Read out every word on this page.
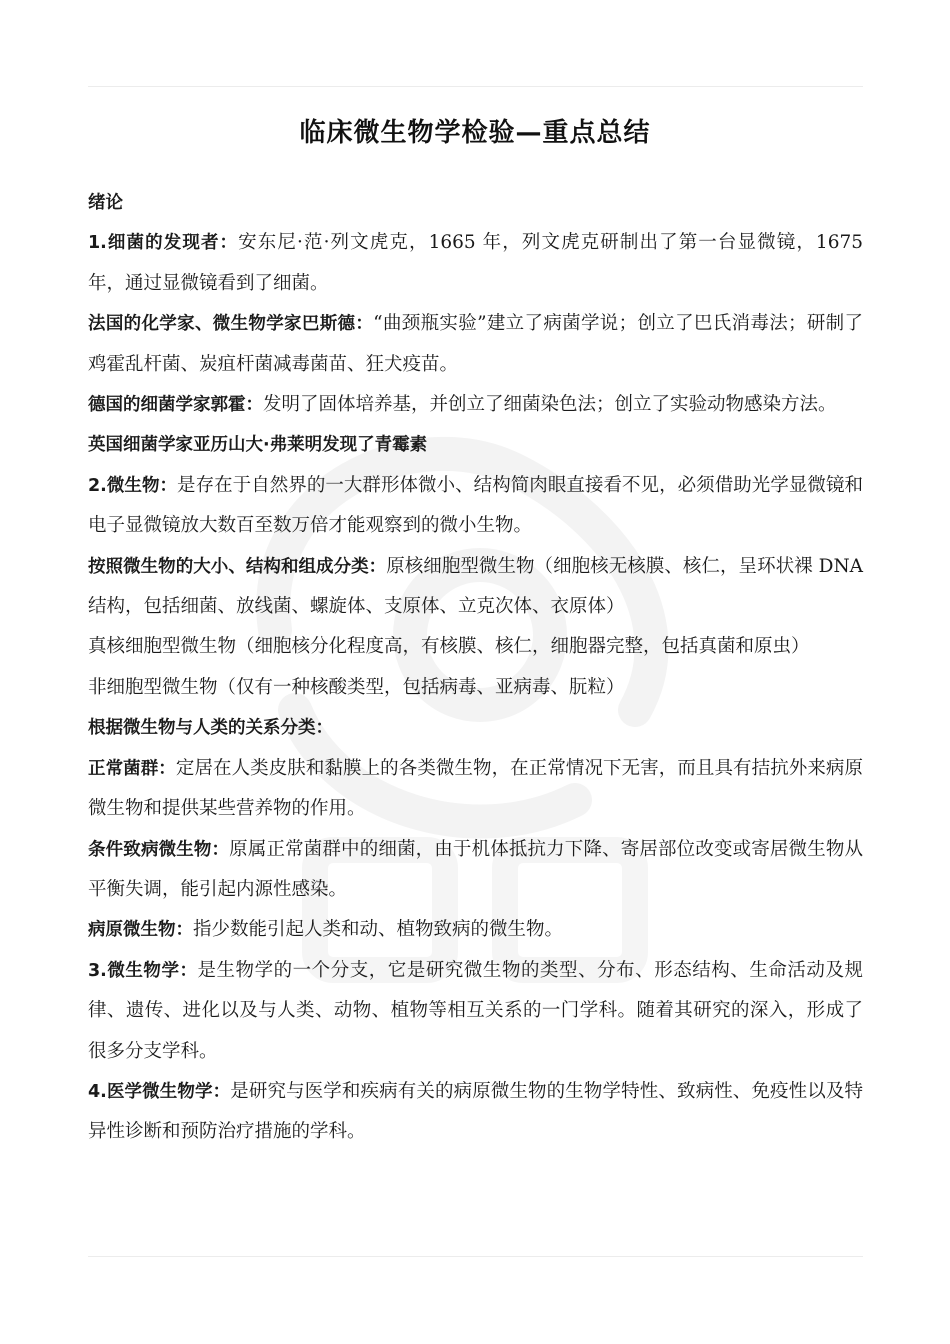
临床微生物学检验—重点总结

绪论

1.细菌的发现者：安东尼·范·列文虎克，1665 年，列文虎克研制出了第一台显微镜，1675 年，通过显微镜看到了细菌。

法国的化学家、微生物学家巴斯德：“曲颈瓶实验”建立了病菌学说；创立了巴氏消毒法；研制了鸡霍乱杆菌、炭疽杆菌减毒菌苗、狂犬疫苗。

德国的细菌学家郭霍：发明了固体培养基，并创立了细菌染色法；创立了实验动物感染方法。

英国细菌学家亚历山大·弗莱明发现了青霉素

2.微生物：是存在于自然界的一大群形体微小、结构简肉眼直接看不见，必须借助光学显微镜和电子显微镜放大数百至数万倍才能观察到的微小生物。

按照微生物的大小、结构和组成分类：原核细胞型微生物（细胞核无核膜、核仁，呈环状裸 DNA 结构，包括细菌、放线菌、螺旋体、支原体、立克次体、衣原体）

真核细胞型微生物（细胞核分化程度高，有核膜、核仁，细胞器完整，包括真菌和原虫）

非细胞型微生物（仅有一种核酸类型，包括病毒、亚病毒、朊粒）

根据微生物与人类的关系分类：

正常菌群：定居在人类皮肤和黏膜上的各类微生物，在正常情况下无害，而且具有拮抗外来病原微生物和提供某些营养物的作用。

条件致病微生物：原属正常菌群中的细菌，由于机体抵抗力下降、寄居部位改变或寄居微生物从平衡失调，能引起内源性感染。

病原微生物：指少数能引起人类和动、植物致病的微生物。

3.微生物学：是生物学的一个分支，它是研究微生物的类型、分布、形态结构、生命活动及规律、遗传、进化以及与人类、动物、植物等相互关系的一门学科。随着其研究的深入，形成了很多分支学科。

4.医学微生物学：是研究与医学和疾病有关的病原微生物的生物学特性、致病性、免疫性以及特异性诊断和预防治疗措施的学科。
